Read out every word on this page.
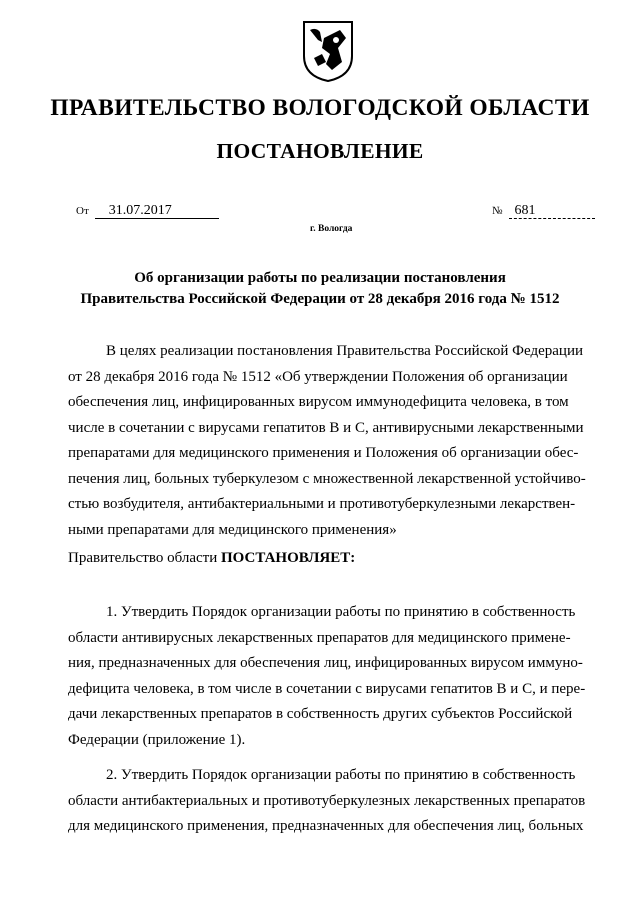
ПРАВИТЕЛЬСТВО ВОЛОГОДСКОЙ ОБЛАСТИ
ПОСТАНОВЛЕНИЕ
От 31.07.2017	№ 681
г. Вологда
Об организации работы по реализации постановления
Правительства Российской Федерации от 28 декабря 2016 года № 1512
В целях реализации постановления Правительства Российской Федерации
от 28 декабря 2016 года № 1512 «Об утверждении Положения об организации
обеспечения лиц, инфицированных вирусом иммунодефицита человека, в том
числе в сочетании с вирусами гепатитов В и С, антивирусными лекарственными
препаратами для медицинского применения и Положения об организации обес-
печения лиц, больных туберкулезом с множественной лекарственной устойчиво-
стью возбудителя, антибактериальными и противотуберкулезными лекарствен-
ными препаратами для медицинского применения»
Правительство области ПОСТАНОВЛЯЕТ:
1. Утвердить Порядок организации работы по принятию в собственность
области антивирусных лекарственных препаратов для медицинского примене-
ния, предназначенных для обеспечения лиц, инфицированных вирусом иммуно-
дефицита человека, в том числе в сочетании с вирусами гепатитов В и С, и пере-
дачи лекарственных препаратов в собственность других субъектов Российской
Федерации (приложение 1).
2. Утвердить Порядок организации работы по принятию в собственность
области антибактериальных и противотуберкулезных лекарственных препаратов
для медицинского применения, предназначенных для обеспечения лиц, больных
